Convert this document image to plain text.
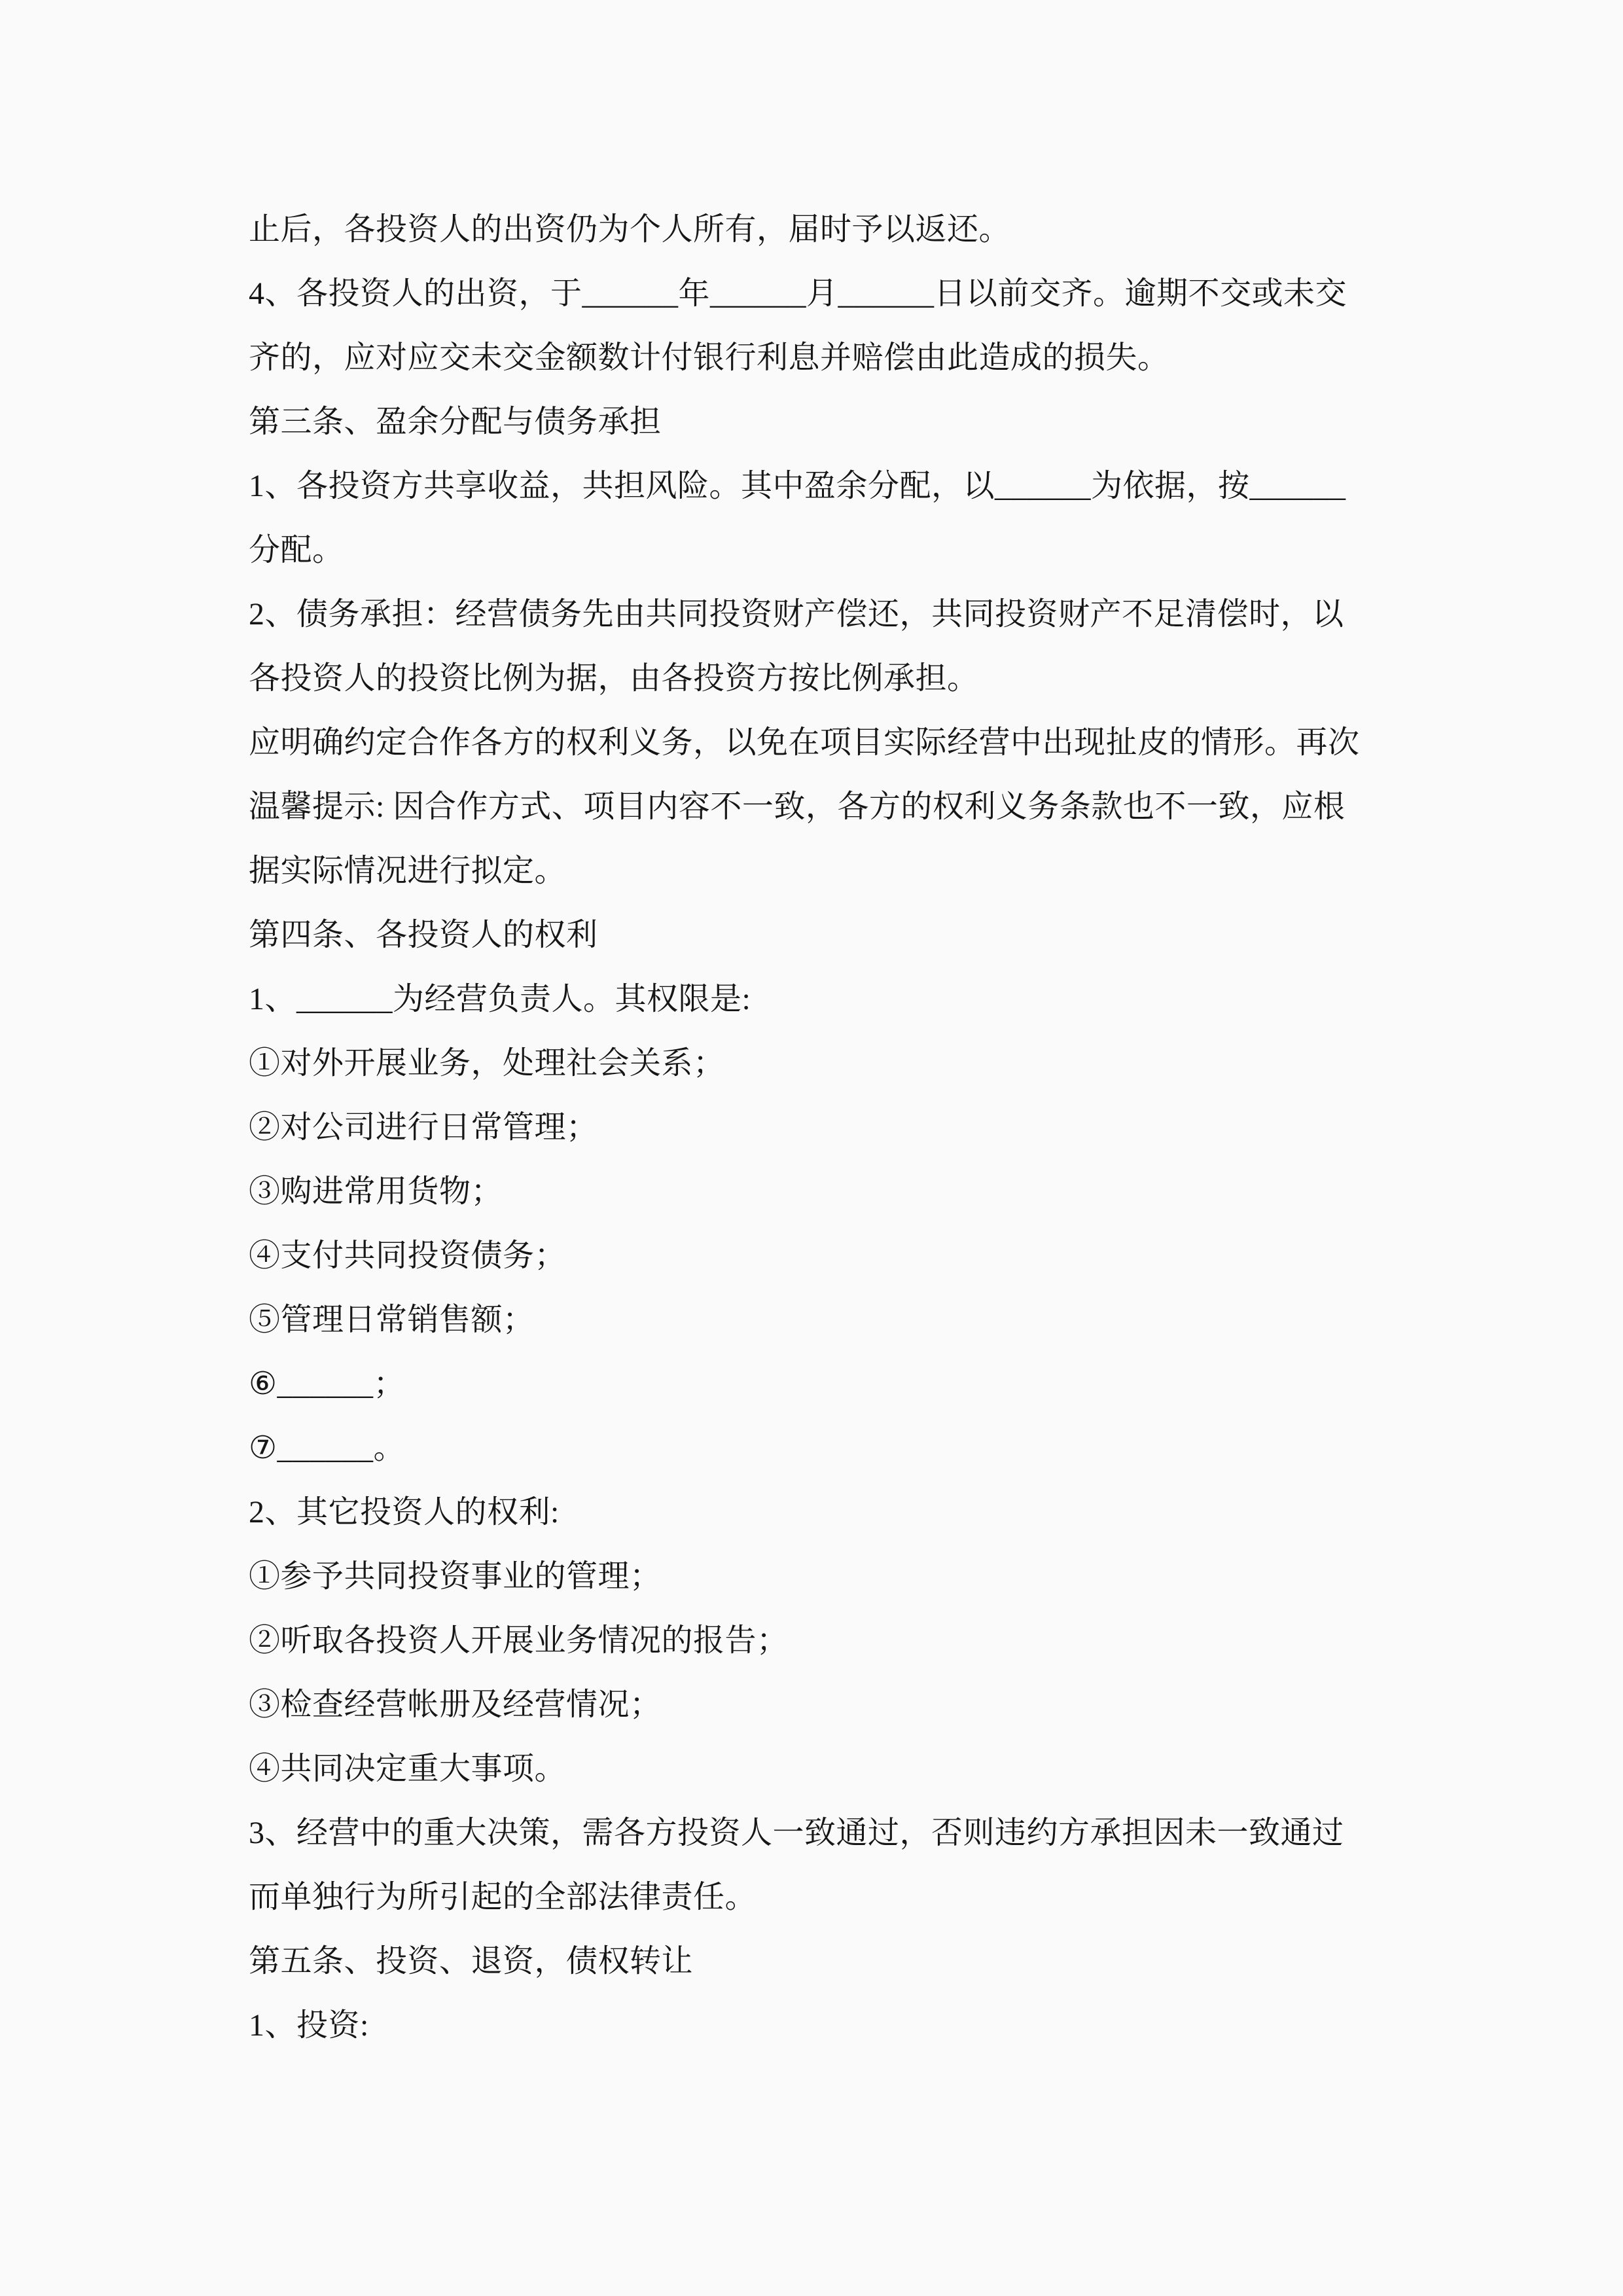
止后，各投资人的出资仍为个人所有，届时予以返还。

4、各投资人的出资，于______年______月______日以前交齐。逾期不交或未交

齐的，应对应交未交金额数计付银行利息并赔偿由此造成的损失。

第三条、盈余分配与债务承担

1、各投资方共享收益，共担风险。其中盈余分配，以______为依据，按______

分配。

2、债务承担：经营债务先由共同投资财产偿还，共同投资财产不足清偿时，以

各投资人的投资比例为据，由各投资方按比例承担。

应明确约定合作各方的权利义务，以免在项目实际经营中出现扯皮的情形。再次

温馨提示: 因合作方式、项目内容不一致，各方的权利义务条款也不一致，应根

据实际情况进行拟定。

第四条、各投资人的权利

1、______为经营负责人。其权限是:

①对外开展业务，处理社会关系；

②对公司进行日常管理；

③购进常用货物；

④支付共同投资债务；

⑤管理日常销售额；

⑥______；

⑦______。

2、其它投资人的权利:

①参予共同投资事业的管理；

②听取各投资人开展业务情况的报告；

③检查经营帐册及经营情况；

④共同决定重大事项。

3、经营中的重大决策，需各方投资人一致通过，否则违约方承担因未一致通过

而单独行为所引起的全部法律责任。

第五条、投资、退资，债权转让

1、投资:
